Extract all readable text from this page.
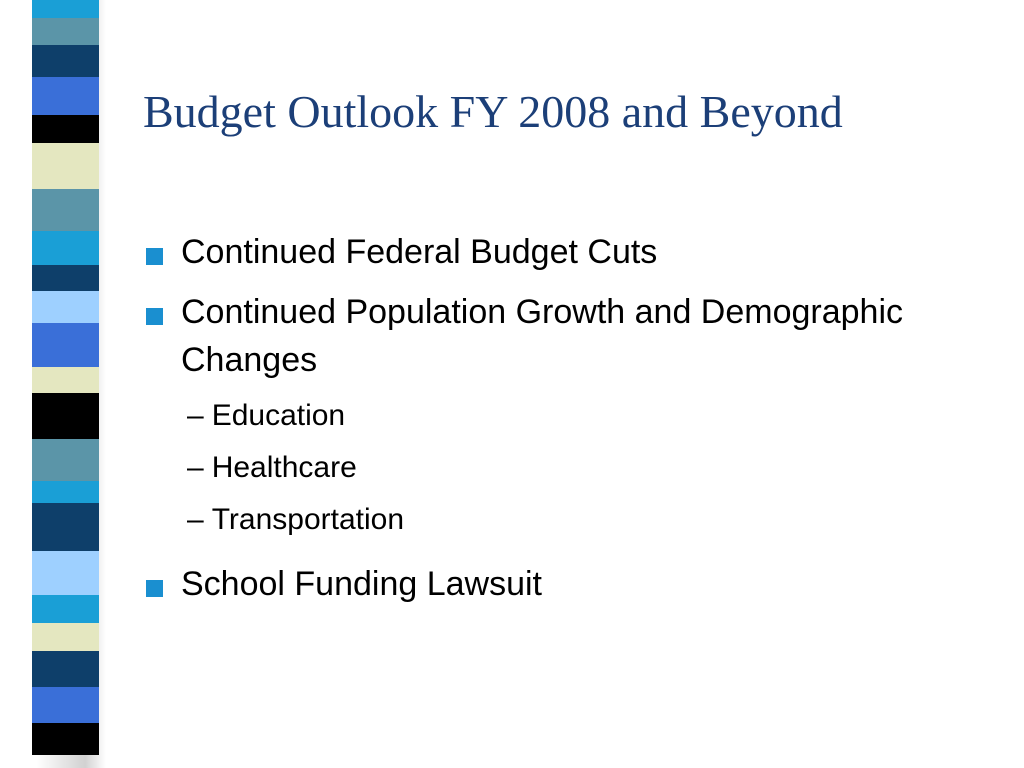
Budget Outlook FY 2008 and Beyond
Continued Federal Budget Cuts
Continued Population Growth and Demographic Changes
– Education
– Healthcare
– Transportation
School Funding Lawsuit
